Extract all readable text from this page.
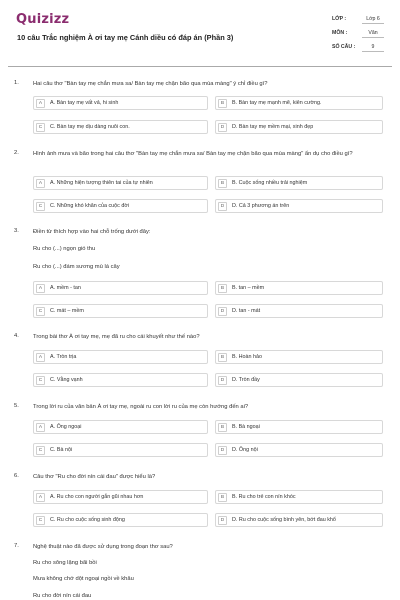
Quizizz
10 câu Trắc nghiệm À ơi tay mẹ Cánh diều có đáp án (Phần 3)
LỚP :	Lớp 6
MÔN :	Văn
SỐ CÂU :	9
1. Hai câu thơ "Bàn tay mẹ chắn mưa sa/ Bàn tay mẹ chặn bão qua mùa màng" ý chỉ điều gì?
A	A. Bàn tay mẹ vất vả, hi sinh	B	B. Bàn tay mẹ mạnh mẽ, kiên cường.
C	C. Bàn tay mẹ dịu dàng nuôi con.	D	D. Bàn tay mẹ mềm mại, xinh đẹp
2. Hình ảnh mưa và bão trong hai câu thơ "Bàn tay mẹ chắn mưa sa/ Bàn tay mẹ chặn bão qua mùa màng" ẩn dụ cho điều gì?
A	A. Những hiện tượng thiên tai của tự nhiên	B	B. Cuộc sống nhiều trải nghiệm
C	C. Những khó khăn của cuộc đời	D	D. Cả 3 phương án trên
3. Điền từ thích hợp vào hai chỗ trống dưới đây:
Ru cho (...) ngọn gió thu
Ru cho (...) đám sương mù lá cây
A	A. mềm - tan	B	B. tan – mềm
C	C. mát – mềm	D	D. tan - mát
4. Trong bài thơ À ơi tay mẹ, mẹ đã ru cho cái khuyết như thế nào?
A	A. Tròn trịa	B	B. Hoàn hảo
C	C. Vằng vạnh	D	D. Tròn đầy
5. Trong lời ru của văn bản À ơi tay mẹ, ngoài ru con lời ru của mẹ còn hướng đến ai?
A	A. Ông ngoại	B	B. Bà ngoại
C	C. Bà nội	D	D. Ông nội
6. Câu thơ "Ru cho đời nín cái đau" được hiểu là?
A	A. Ru cho con người gắn gũi nhau hơn	B	B. Ru cho trẻ con nín khóc
C	C. Ru cho cuộc sống sinh động	D	D. Ru cho cuộc sống bình yên, bớt đau khổ
7. Nghệ thuật nào đã được sử dụng trong đoạn thơ sau?
Ru cho sông lặng bãi bồi
Mưa không chớ dột ngoại ngồi về khâu
Ru cho đời nín cái đau
